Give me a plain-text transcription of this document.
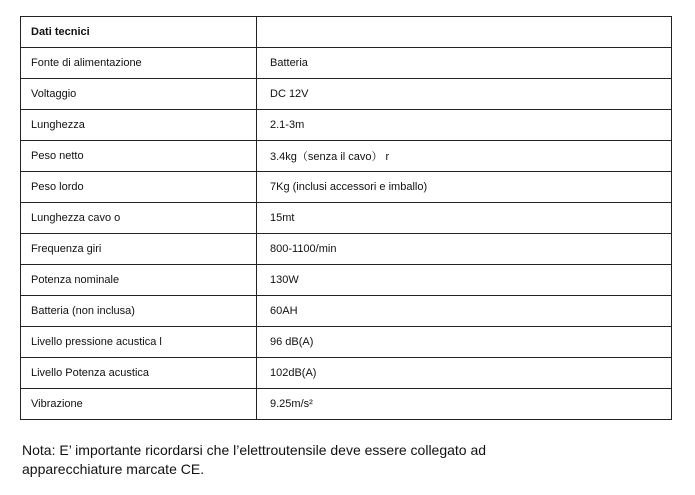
Dati tecnici	
Fonte di alimentazione	Batteria
Voltaggio	DC 12V
Lunghezza	2.1-3m
Peso netto	3.4kg（senza il cavo） r
Peso lordo	7Kg (inclusi accessori e imballo)
Lunghezza cavo o	15mt
Frequenza giri	800-1100/min
Potenza nominale	130W
Batteria (non inclusa)	60AH
Livello pressione acustica l	96 dB(A)
Livello Potenza acustica	102dB(A)
Vibrazione	9.25m/s²
Nota: E’ importante ricordarsi che l’elettroutensile deve essere collegato ad
apparecchiature marcate CE.
